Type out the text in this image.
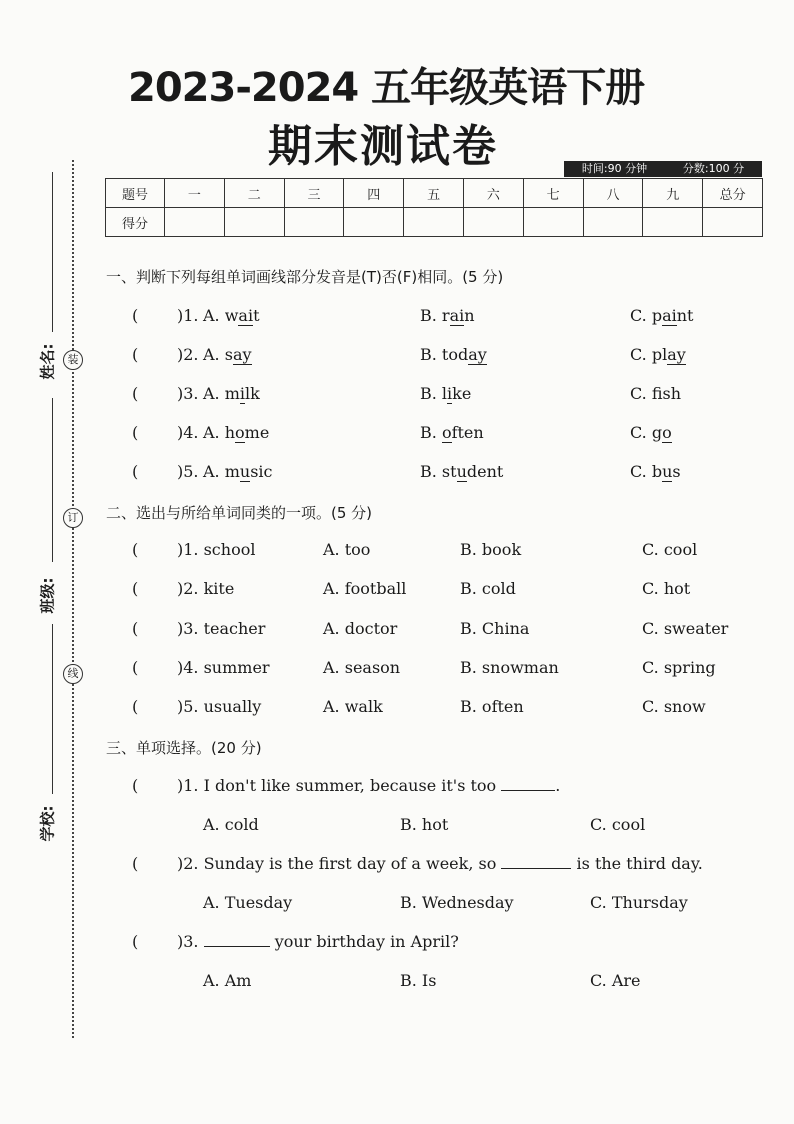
2023-2024 五年级英语下册
期末测试卷	时间:90 分钟	分数:100 分
题号	一	二	三	四	五	六	七	八	九	总分
得分										
装
订
线
姓名:
班级:
学校:
一、判断下列每组单词画线部分发音是(T)否(F)相同。(5 分)
( )1. A. wait	B. rain	C. paint
( )2. A. say	B. today	C. play
( )3. A. milk	B. like	C. fsh
( )4. A. home	B. often	C. go
( )5. A. music	B. student	C. bus
二、选出与所给单词同类的一项。(5 分)
( )1. school	A. too	B. book	C. cool
( )2. kite	A. football	B. cold	C. hot
( )3. teacher	A. doctor	B. China	C. sweater
( )4. summer	A. season	B. snowman	C. spring
( )5. usually	A. walk	B. often	C. snow
三、单项选择。(20 分)
( )1. I don't like summer, because it's too	.
A. cold	B. hot	C. cool
( )2. Sunday is the first day of a week, so	is the third day.
A. Tuesday	B. Wednesday	C. Thursday
( )3.	your birthday in April?
A. Am	B. Is	C. Are
